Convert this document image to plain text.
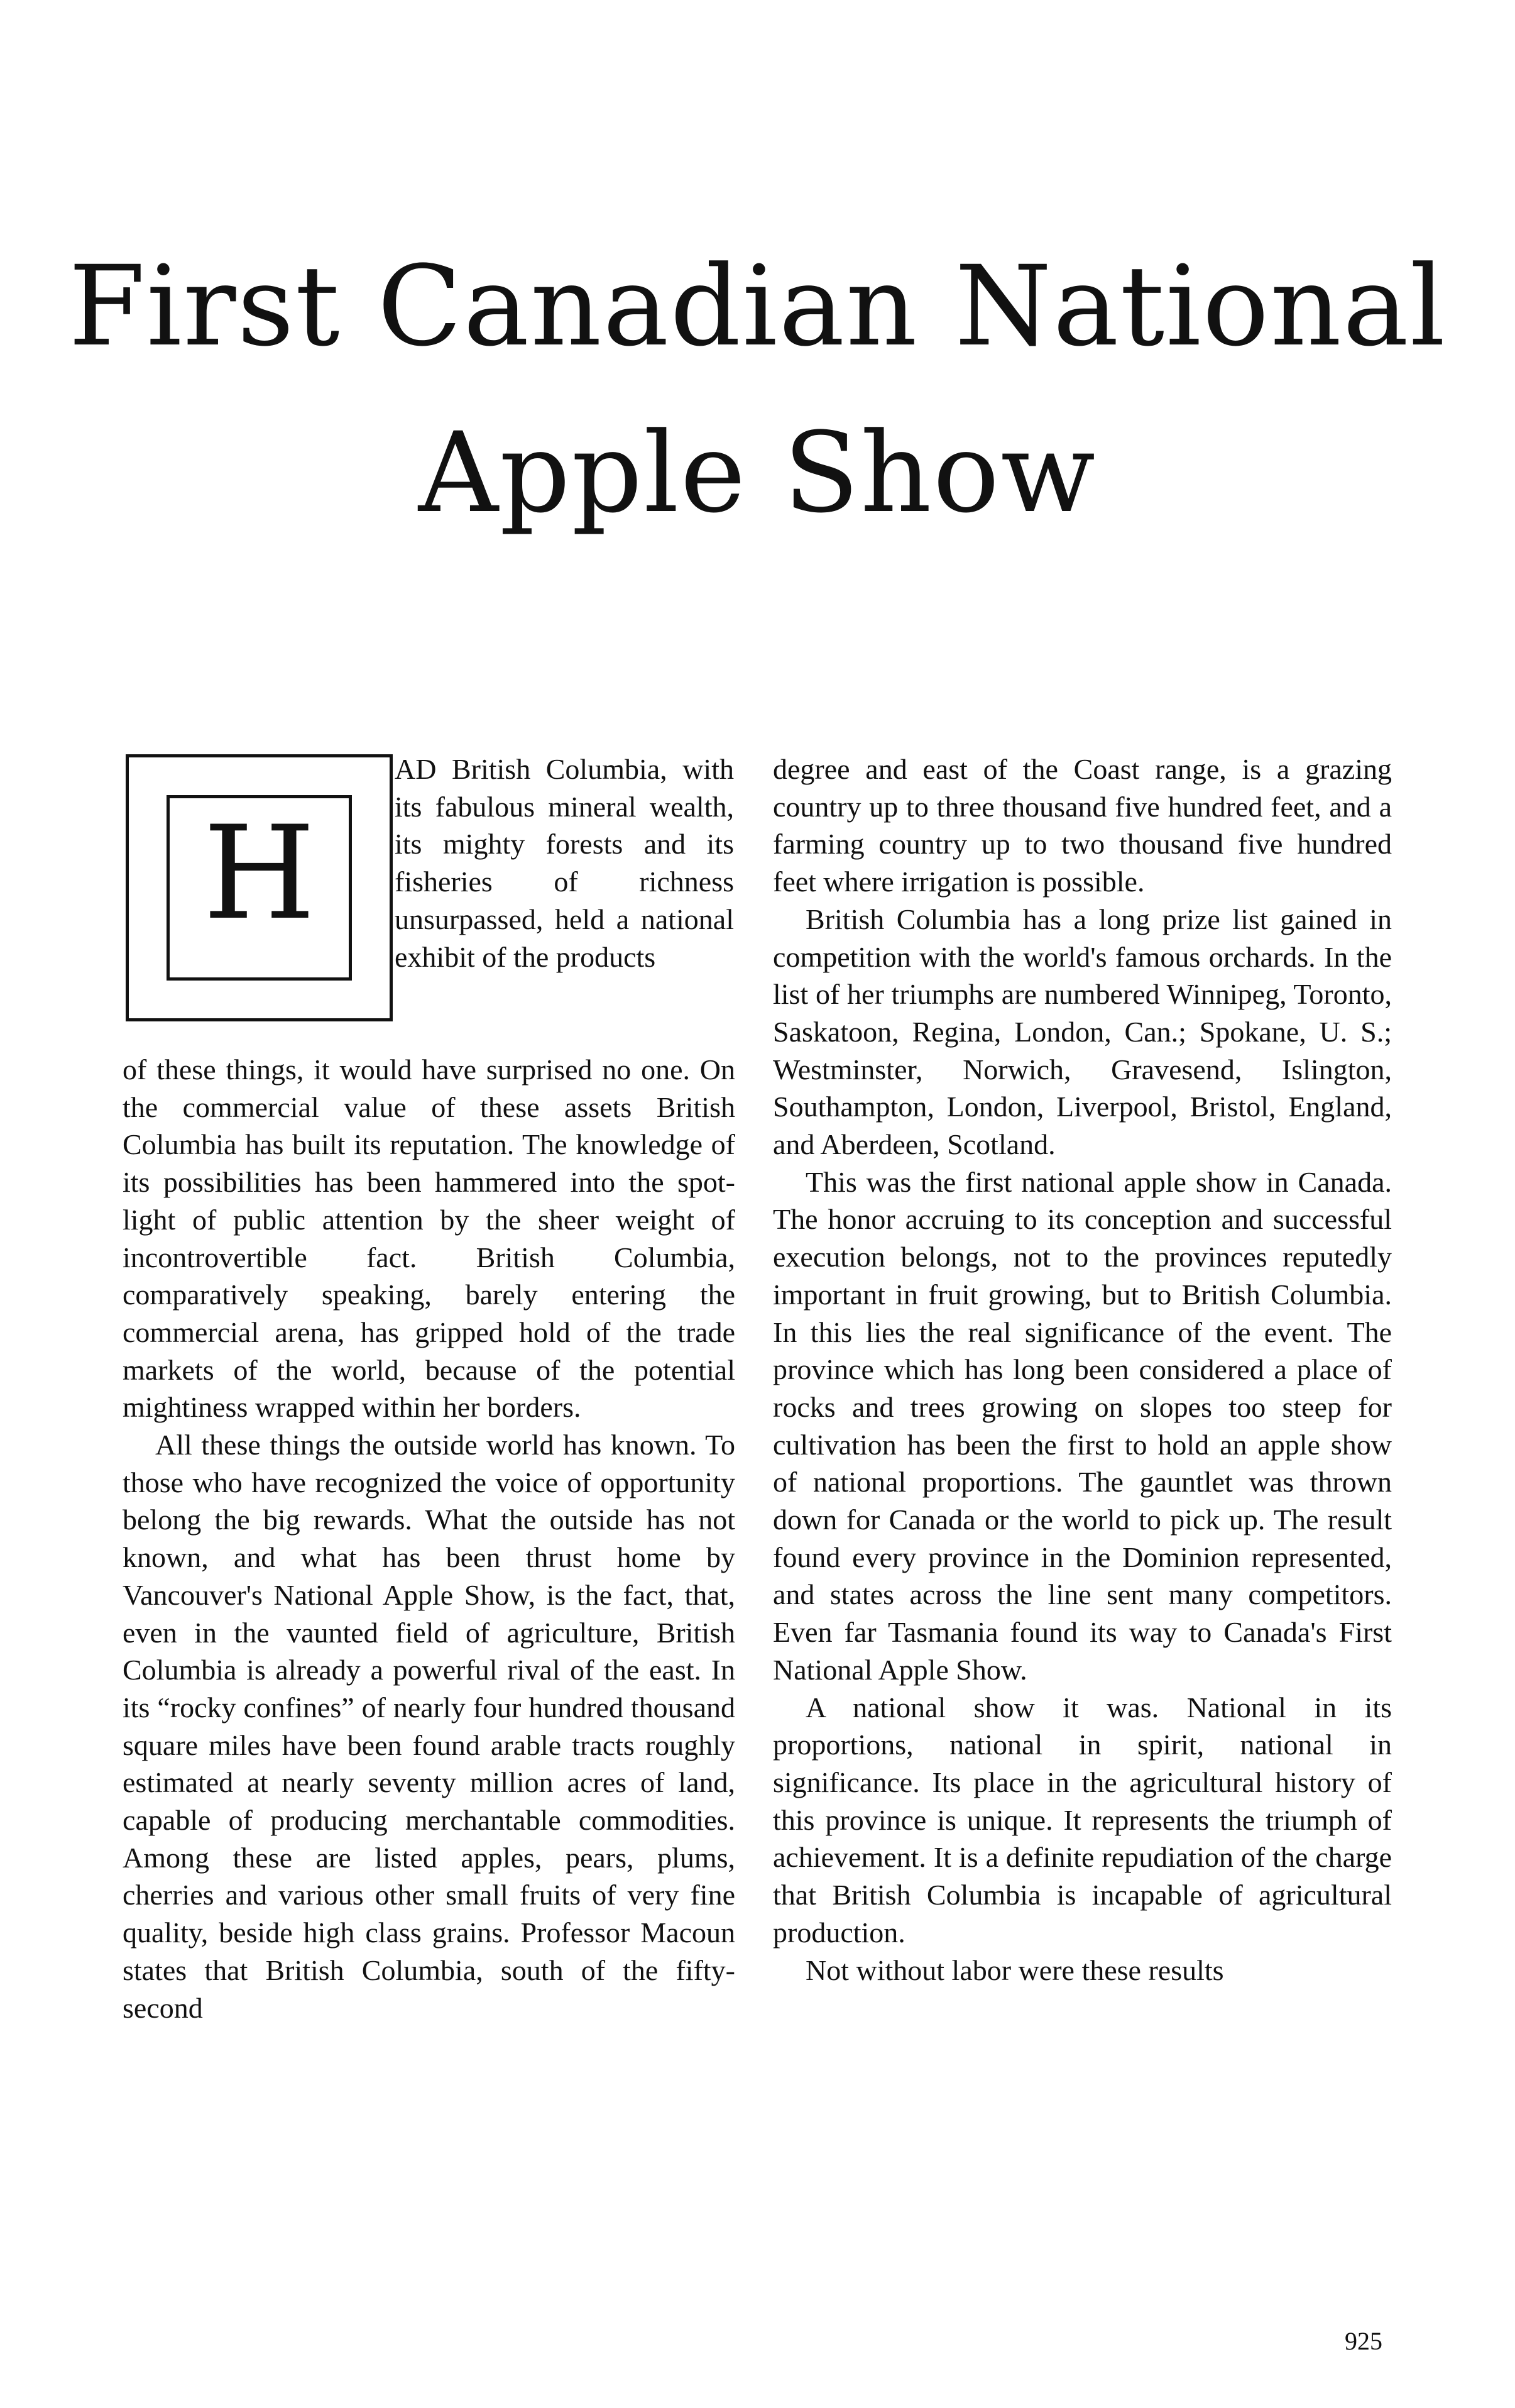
First Canadian National
Apple Show
H

AD British Columbia, with its fabulous mineral wealth, its mighty forests and its fisheries of richness unsurpassed, held a national exhibit of the products

of these things, it would have surprised no one. On the commercial value of these assets British Columbia has built its reputation. The knowledge of its possibilities has been hammered into the spot-light of public attention by the sheer weight of incontrovertible fact. British Columbia, comparatively speaking, barely entering the commercial arena, has gripped hold of the trade markets of the world, because of the potential mightiness wrapped within her borders.

All these things the outside world has known. To those who have recognized the voice of opportunity belong the big rewards. What the outside has not known, and what has been thrust home by Vancouver's National Apple Show, is the fact, that, even in the vaunted field of agriculture, British Columbia is already a powerful rival of the east. In its “rocky confines” of nearly four hundred thousand square miles have been found arable tracts roughly estimated at nearly seventy million acres of land, capable of producing merchantable commodities. Among these are listed apples, pears, plums, cherries and various other small fruits of very fine quality, beside high class grains. Professor Macoun states that British Columbia, south of the fifty-second

degree and east of the Coast range, is a grazing country up to three thousand five hundred feet, and a farming country up to two thousand five hundred feet where irrigation is possible.

British Columbia has a long prize list gained in competition with the world's famous orchards. In the list of her triumphs are numbered Winnipeg, Toronto, Saskatoon, Regina, London, Can.; Spokane, U. S.; Westminster, Norwich, Gravesend, Islington, Southampton, London, Liverpool, Bristol, England, and Aberdeen, Scotland.

This was the first national apple show in Canada. The honor accruing to its conception and successful execution belongs, not to the provinces reputedly important in fruit growing, but to British Columbia. In this lies the real significance of the event. The province which has long been considered a place of rocks and trees growing on slopes too steep for cultivation has been the first to hold an apple show of national proportions. The gauntlet was thrown down for Canada or the world to pick up. The result found every province in the Dominion represented, and states across the line sent many competitors. Even far Tasmania found its way to Canada's First National Apple Show.

A national show it was. National in its proportions, national in spirit, national in significance. Its place in the agricultural history of this province is unique. It represents the triumph of achievement. It is a definite repudiation of the charge that British Columbia is incapable of agricultural production.

Not without labor were these results

925
